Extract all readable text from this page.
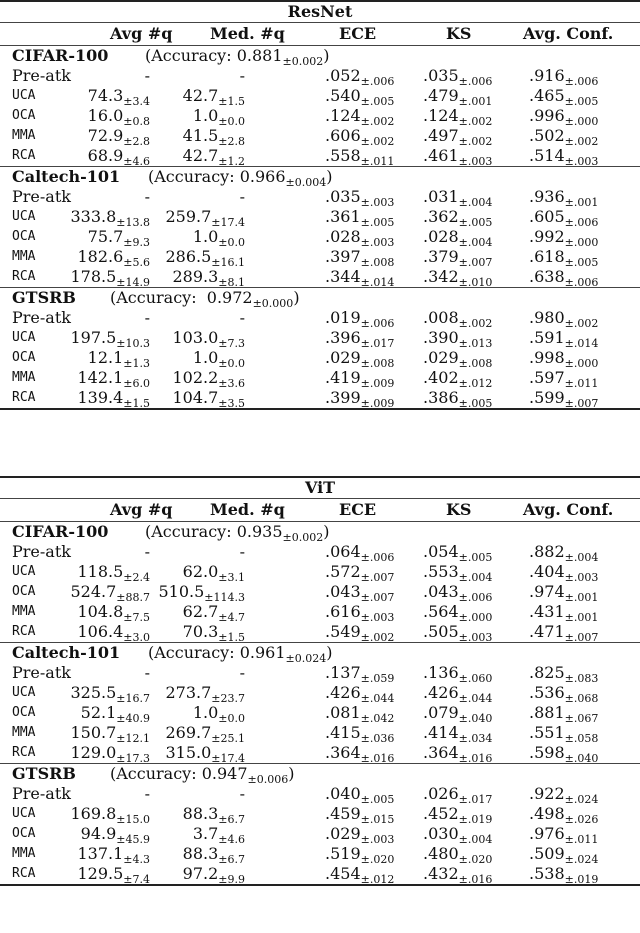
ResNet
Avg #q Med. #q	ECE	KS	Avg. Conf.
CIFAR-100 (Accuracy: $0.881_{\pm 0.002}$)
Pre-atk	-	-	$.052_{\pm.006}$ $.035_{\pm.006}$ $.916_{\pm.006}$
UCA	$74.3_{\pm 3.4}$ $42.7_{\pm 1.5}$	$.540_{\pm.005}$ $.479_{\pm.001}$ $.465_{\pm.005}$
OCA	$16.0_{\pm 0.8}$	$1.0_{\pm 0.0}$	$.124_{\pm.002}$ $.124_{\pm.002}$ $.996_{\pm.000}$
MMA	$72.9_{\pm 2.8}$ $41.5_{\pm 2.8}$	$.606_{\pm.002}$ $.497_{\pm.002}$ $.502_{\pm.002}$
RCA	$68.9_{\pm 4.6}$ $42.7_{\pm 1.2}$	$.558_{\pm.011}$ $.461_{\pm.003}$ $.514_{\pm.003}$
Caltech-101 (Accuracy: $0.966_{\pm 0.004}$)
Pre-atk	-	-	$.035_{\pm.003}$ $.031_{\pm.004}$ $.936_{\pm.001}$
UCA $333.8_{\pm 13.8}$ $259.7_{\pm 17.4}$	$.361_{\pm.005}$ $.362_{\pm.005}$ $.605_{\pm.006}$
OCA	$75.7_{\pm 9.3}$	$1.0_{\pm 0.0}$	$.028_{\pm.003}$ $.028_{\pm.004}$ $.992_{\pm.000}$
MMA	$182.6_{\pm 5.6}$ $286.5_{\pm 16.1}$	$.397_{\pm.008}$ $.379_{\pm.007}$ $.618_{\pm.005}$
RCA $178.5_{\pm 14.9}$ $289.3_{\pm 8.1}$	$.344_{\pm.014}$ $.342_{\pm.010}$ $.638_{\pm.006}$
GTSRB (Accuracy:  $0.972_{\pm 0.000}$)
Pre-atk	-	-	$.019_{\pm.006}$ $.008_{\pm.002}$ $.980_{\pm.002}$
UCA $197.5_{\pm 10.3}$ $103.0_{\pm 7.3}$	$.396_{\pm.017}$ $.390_{\pm.013}$ $.591_{\pm.014}$
OCA	$12.1_{\pm 1.3}$	$1.0_{\pm 0.0}$	$.029_{\pm.008}$ $.029_{\pm.008}$ $.998_{\pm.000}$
MMA	$142.1_{\pm 6.0}$ $102.2_{\pm 3.6}$	$.419_{\pm.009}$ $.402_{\pm.012}$ $.597_{\pm.011}$
RCA	$139.4_{\pm 1.5}$ $104.7_{\pm 3.5}$	$.399_{\pm.009}$ $.386_{\pm.005}$ $.599_{\pm.007}$
ViT
Avg #q Med. #q	ECE	KS	Avg. Conf.
CIFAR-100 (Accuracy: $0.935_{\pm 0.002}$)
Pre-atk	-	-	$.064_{\pm.006}$ $.054_{\pm.005}$ $.882_{\pm.004}$
UCA	$118.5_{\pm 2.4}$ $62.0_{\pm 3.1}$	$.572_{\pm.007}$ $.553_{\pm.004}$ $.404_{\pm.003}$
OCA $524.7_{\pm 88.7}$ $510.5_{\pm 114.3}$	$.043_{\pm.007}$ $.043_{\pm.006}$ $.974_{\pm.001}$
MMA	$104.8_{\pm 7.5}$ $62.7_{\pm 4.7}$	$.616_{\pm.003}$ $.564_{\pm.000}$ $.431_{\pm.001}$
RCA	$106.4_{\pm 3.0}$ $70.3_{\pm 1.5}$	$.549_{\pm.002}$ $.505_{\pm.003}$ $.471_{\pm.007}$
Caltech-101 (Accuracy: $0.961_{\pm 0.024}$)
Pre-atk	-	-	$.137_{\pm.059}$ $.136_{\pm.060}$ $.825_{\pm.083}$
UCA $325.5_{\pm 16.7}$ $273.7_{\pm 23.7}$	$.426_{\pm.044}$ $.426_{\pm.044}$ $.536_{\pm.068}$
OCA	$52.1_{\pm 40.9}$	$1.0_{\pm 0.0}$	$.081_{\pm.042}$ $.079_{\pm.040}$ $.881_{\pm.067}$
MMA $150.7_{\pm 12.1}$ $269.7_{\pm 25.1}$	$.415_{\pm.036}$ $.414_{\pm.034}$ $.551_{\pm.058}$
RCA $129.0_{\pm 17.3}$ $315.0_{\pm 17.4}$	$.364_{\pm.016}$ $.364_{\pm.016}$ $.598_{\pm.040}$
GTSRB (Accuracy: $0.947_{\pm 0.006}$)
Pre-atk	-	-	$.040_{\pm.005}$ $.026_{\pm.017}$ $.922_{\pm.024}$
UCA $169.8_{\pm 15.0}$ $88.3_{\pm 6.7}$	$.459_{\pm.015}$ $.452_{\pm.019}$ $.498_{\pm.026}$
OCA	$94.9_{\pm 45.9}$	$3.7_{\pm 4.6}$	$.029_{\pm.003}$ $.030_{\pm.004}$ $.976_{\pm.011}$
MMA	$137.1_{\pm 4.3}$ $88.3_{\pm 6.7}$	$.519_{\pm.020}$ $.480_{\pm.020}$ $.509_{\pm.024}$
RCA	$129.5_{\pm 7.4}$ $97.2_{\pm 9.9}$	$.454_{\pm.012}$ $.432_{\pm.016}$ $.538_{\pm.019}$
